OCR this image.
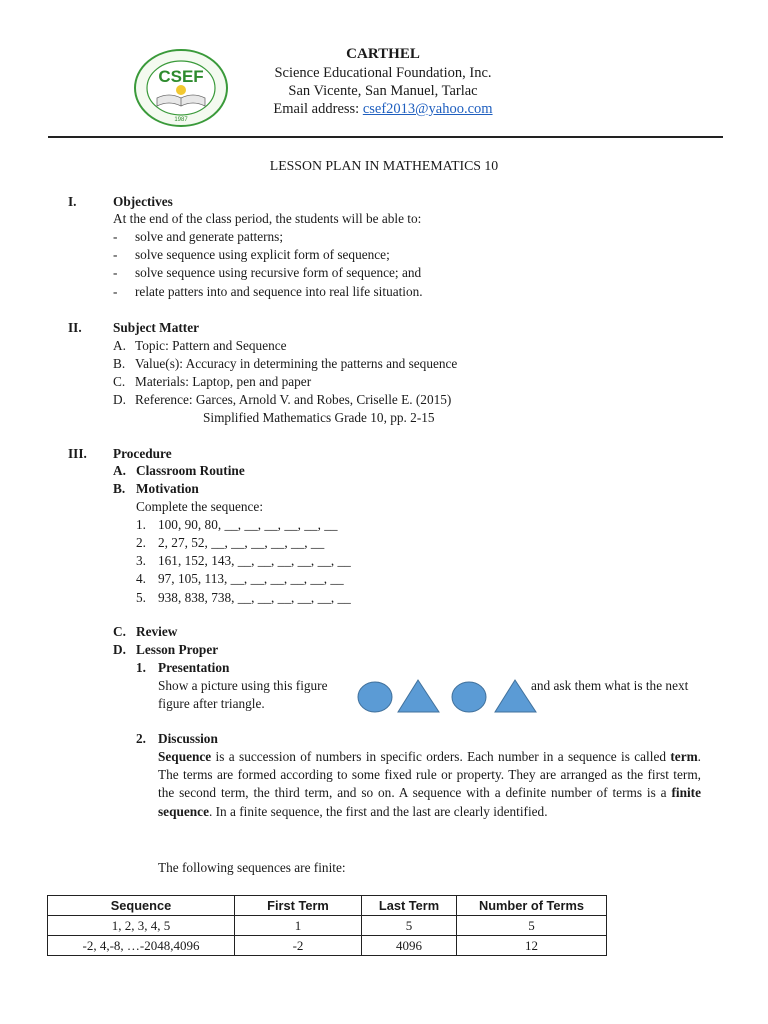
CSEF
1987
CARTHEL
Science Educational Foundation, Inc.
San Vicente, San Manuel, Tarlac
Email address: csef2013@yahoo.com
LESSON PLAN IN MATHEMATICS 10
I.	Objectives
At the end of the class period, the students will be able to:
- solve and generate patterns;
- solve sequence using explicit form of sequence;
- solve sequence using recursive form of sequence; and
- relate patters into and sequence into real life situation.
II. Subject Matter
A. Topic: Pattern and Sequence
B. Value(s): Accuracy in determining the patterns and sequence
C. Materials: Laptop, pen and paper
D. Reference: Garces, Arnold V. and Robes, Criselle E. (2015)
Simplified Mathematics Grade 10, pp. 2-15
III. Procedure
A. Classroom Routine
B. Motivation
Complete the sequence:
1. 100, 90, 80, __, __, __, __, __, __
2. 2, 27, 52, __, __, __, __, __, __
3. 161, 152, 143, __, __, __, __, __, __
4. 97, 105, 113, __, __, __, __, __, __
5. 938, 838, 738, __, __, __, __, __, __
C. Review
D. Lesson Proper
1. Presentation
Show a picture using this figure	and ask them what is the next
figure after triangle.
2. Discussion
Sequence is a succession of numbers in specific orders. Each number in a sequence is called term. The terms are formed according to some fixed rule or property. They are arranged as the first term, the second term, the third term, and so on. A sequence with a definite number of terms is a finite sequence. In a finite sequence, the first and the last are clearly identified.
The following sequences are finite:
Sequence	First Term	Last Term	Number of Terms
1, 2, 3, 4, 5	1	5	5
-2, 4,-8, …-2048,4096	-2	4096	12
